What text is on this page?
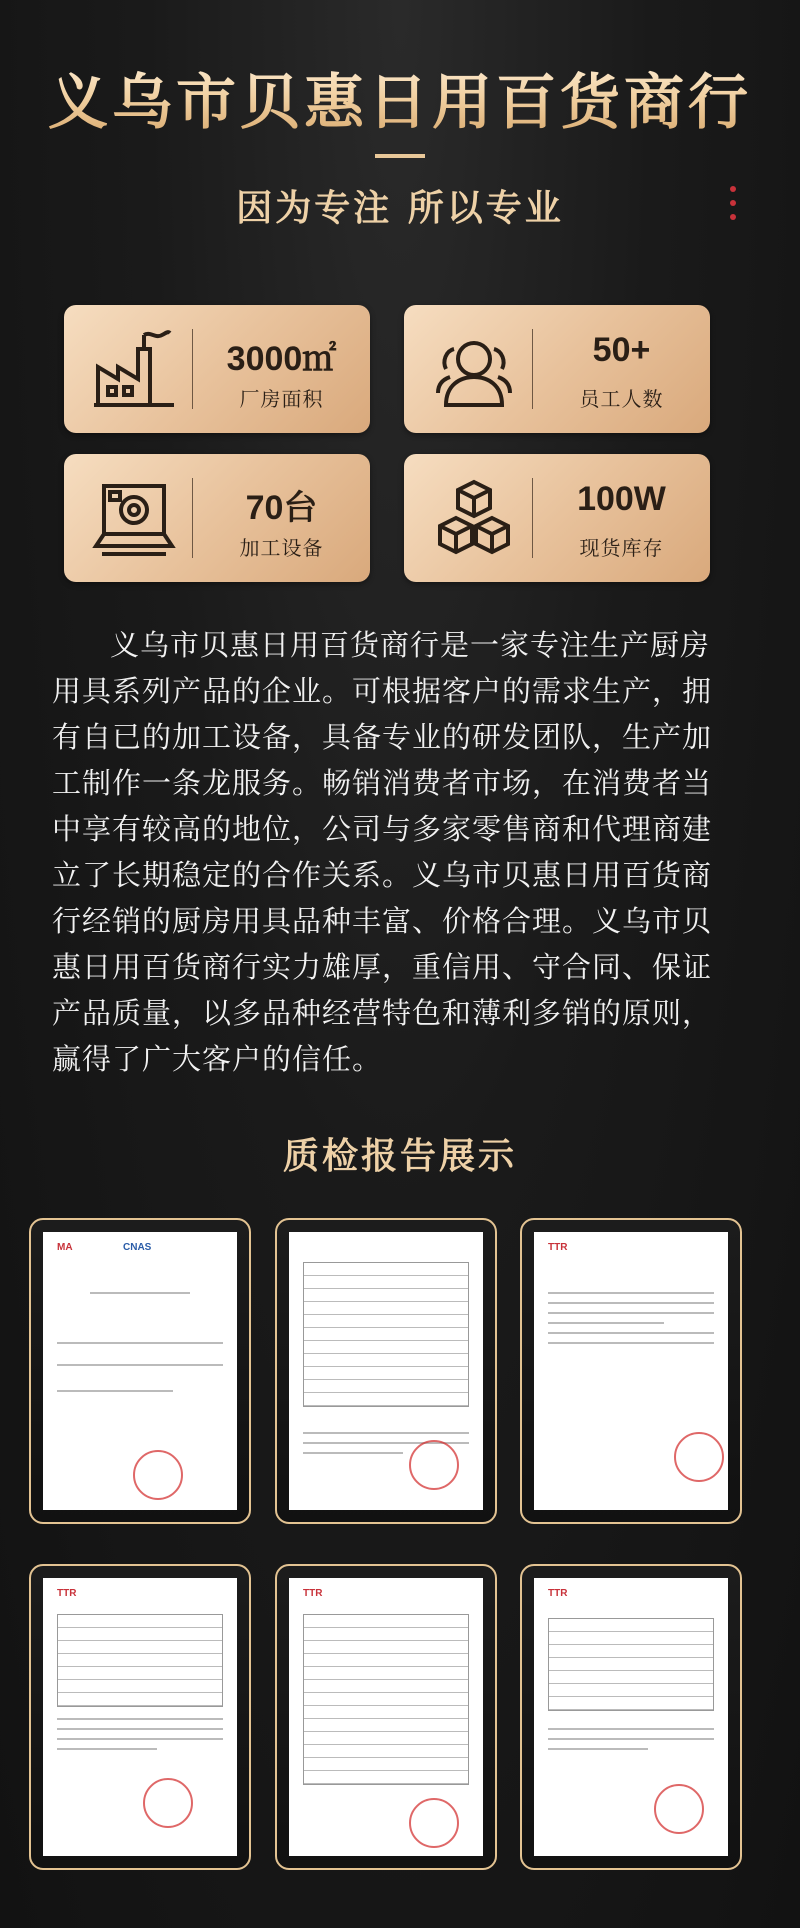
义乌市贝惠日用百货商行
因为专注 所以专业
3000㎡
厂房面积
50+
员工人数
70台
加工设备
100W
现货库存

义乌市贝惠日用百货商行是一家专注生产厨房用具系列产品的企业。可根据客户的需求生产，拥有自已的加工设备，具备专业的研发团队，生产加工制作一条龙服务。畅销消费者市场，在消费者当中享有较高的地位，公司与多家零售商和代理商建立了长期稳定的合作关系。义乌市贝惠日用百货商行经销的厨房用具品种丰富、价格合理。义乌市贝惠日用百货商行实力雄厚，重信用、守合同、保证产品质量，以多品种经营特色和薄利多销的原则，赢得了广大客户的信任。

质检报告展示
MA	CNAS	TTR
TTR	TTR	TTR
